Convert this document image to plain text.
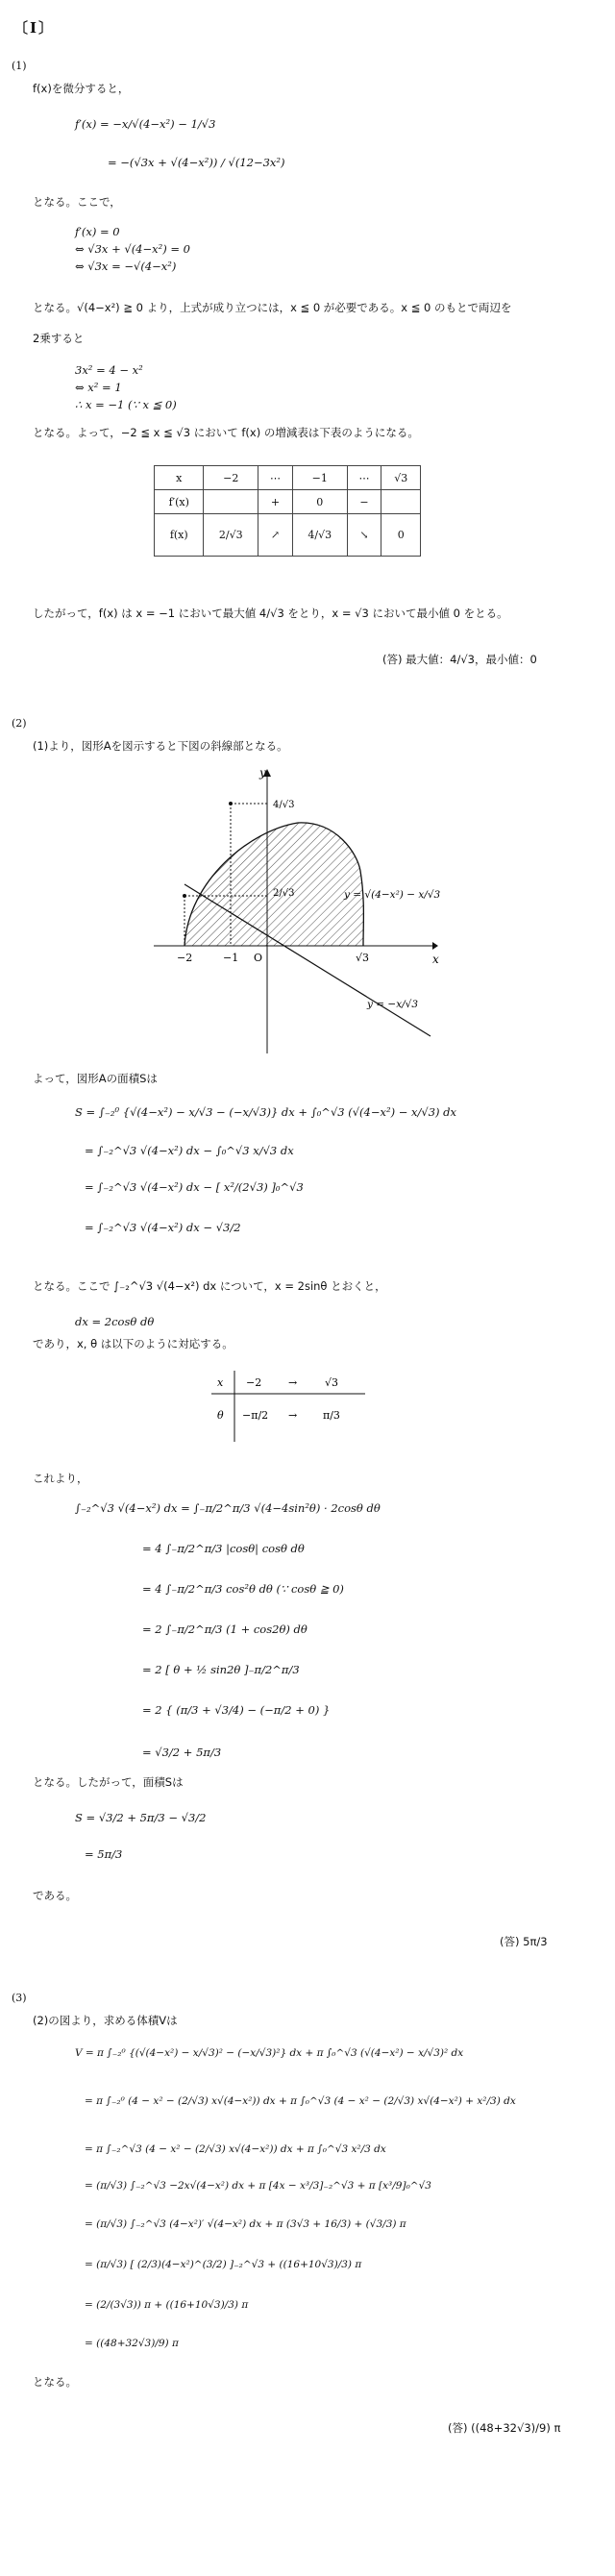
〔Ⅰ〕
(1)
f(x)を微分すると，
f′(x) = −x/√(4−x²) − 1/√3
= −(√3x + √(4−x²)) / √(12−3x²)
となる。ここで，
f′(x) = 0
⇔ √3x + √(4−x²) = 0
⇔ √3x = −√(4−x²)
となる。√(4−x²) ≧ 0 より，上式が成り立つには，x ≦ 0 が必要である。x ≦ 0 のもとで両辺を
2乗すると
3x² = 4 − x²
⇔ x² = 1
∴ x = −1 (∵ x ≦ 0)
となる。よって，−2 ≦ x ≦ √3 において f(x) の増減表は下表のようになる。
x	−2	⋯	−1	⋯	√3
f′(x)		+	0	−	
f(x)	2/√3	↗	4/√3	↘	0
したがって，f(x) は x = −1 において最大値 4/√3 をとり，x = √3 において最小値 0 をとる。
(答) 最大値：4/√3，最小値：0
(2)
(1)より，図形Aを図示すると下図の斜線部となる。
y
x
O
4/√3
2/√3
−2	−1	√3
y = √(4−x²) − x/√3
y = −x/√3
よって，図形Aの面積Sは
S = ∫₋₂⁰ {√(4−x²) − x/√3 − (−x/√3)} dx + ∫₀^√3 (√(4−x²) − x/√3) dx
= ∫₋₂^√3 √(4−x²) dx − ∫₀^√3 x/√3 dx
= ∫₋₂^√3 √(4−x²) dx − [ x²/(2√3) ]₀^√3
= ∫₋₂^√3 √(4−x²) dx − √3/2
となる。ここで ∫₋₂^√3 √(4−x²) dx について，x = 2sinθ とおくと，
dx = 2cosθ dθ
であり，x, θ は以下のように対応する。
x −2	→	√3
θ −π/2 → π/3
これより，
∫₋₂^√3 √(4−x²) dx = ∫₋π/2^π/3 √(4−4sin²θ) · 2cosθ dθ
= 4 ∫₋π/2^π/3 |cosθ| cosθ dθ
= 4 ∫₋π/2^π/3 cos²θ dθ (∵ cosθ ≧ 0)
= 2 ∫₋π/2^π/3 (1 + cos2θ) dθ
= 2 [ θ + ½ sin2θ ]₋π/2^π/3
= 2 { (π/3 + √3/4) − (−π/2 + 0) }
= √3/2 + 5π/3
となる。したがって，面積Sは
S = √3/2 + 5π/3 − √3/2
= 5π/3
である。
(答) 5π/3
(3)
(2)の図より，求める体積Vは
V = π ∫₋₂⁰ {(√(4−x²) − x/√3)² − (−x/√3)²} dx + π ∫₀^√3 (√(4−x²) − x/√3)² dx
= π ∫₋₂⁰ (4 − x² − (2/√3) x√(4−x²)) dx + π ∫₀^√3 (4 − x² − (2/√3) x√(4−x²) + x²/3) dx
= π ∫₋₂^√3 (4 − x² − (2/√3) x√(4−x²)) dx + π ∫₀^√3 x²/3 dx
= (π/√3) ∫₋₂^√3 −2x√(4−x²) dx + π [4x − x³/3]₋₂^√3 + π [x³/9]₀^√3
= (π/√3) ∫₋₂^√3 (4−x²)′ √(4−x²) dx + π (3√3 + 16/3) + (√3/3) π
= (π/√3) [ (2/3)(4−x²)^(3/2) ]₋₂^√3 + ((16+10√3)/3) π
= (2/(3√3)) π + ((16+10√3)/3) π
= ((48+32√3)/9) π
となる。
(答) ((48+32√3)/9) π
